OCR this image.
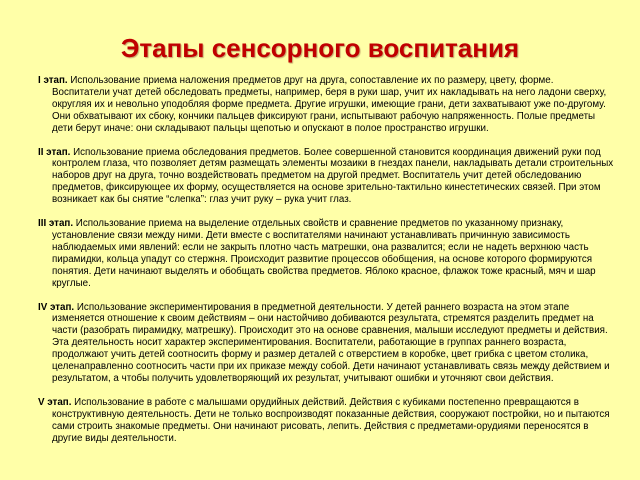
Этапы сенсорного воспитания

I этап. Использование приема наложения предметов друг на друга, сопоставление их по размеру, цвету, форме. Воспитатели учат детей обследовать предметы, например, беря в руки шар, учит их накладывать на него ладони сверху, округляя их и невольно уподобляя форме предмета. Другие игрушки, имеющие грани, дети захватывают уже по-другому. Они обхватывают их сбоку, кончики пальцев фиксируют грани, испытывают рабочую напряженность. Полые предметы дети берут иначе: они складывают пальцы щепотью и опускают в полое пространство игрушки.

II этап. Использование приема обследования предметов. Более совершенной становится координация движений руки под контролем глаза, что позволяет детям размещать элементы мозаики в гнездах панели, накладывать детали строительных наборов друг на друга, точно воздействовать предметом на другой предмет. Воспитатель учит детей обследованию предметов, фиксирующее их форму, осуществляется на основе зрительно-тактильно кинестетических связей. При этом возникает как бы снятие “слепка”: глаз учит руку – рука учит глаз.

III этап. Использование приема на выделение отдельных свойств и сравнение предметов по указанному признаку, установление связи между ними. Дети вместе с воспитателями начинают устанавливать причинную зависимость наблюдаемых ими явлений: если не закрыть плотно часть матрешки, она развалится; если не надеть верхнюю часть пирамидки, кольца упадут со стержня. Происходит развитие процессов обобщения, на основе которого формируются понятия. Дети начинают выделять и обобщать свойства предметов. Яблоко красное, флажок тоже красный, мяч и шар круглые.

IV этап. Использование экспериментирования в предметной деятельности. У детей раннего возраста на этом этапе изменяется отношение к своим действиям – они настойчиво добиваются результата, стремятся разделить предмет на части (разобрать пирамидку, матрешку). Происходит это на основе сравнения, малыши исследуют предметы и действия. Эта деятельность носит характер экспериментирования. Воспитатели, работающие в группах раннего возраста, продолжают учить детей соотносить форму и размер деталей с отверстием в коробке, цвет грибка с цветом столика, целенаправленно соотносить части при их приказе между собой. Дети начинают устанавливать связь между действием и результатом, а чтобы получить удовлетворяющий их результат, учитывают ошибки и уточняют свои действия.

V этап. Использование в работе с малышами орудийных действий. Действия с кубиками постепенно превращаются в конструктивную деятельность. Дети не только воспроизводят показанные действия, сооружают постройки, но и пытаются сами строить знакомые предметы. Они начинают рисовать, лепить. Действия с предметами-орудиями переносятся в другие виды деятельности.
